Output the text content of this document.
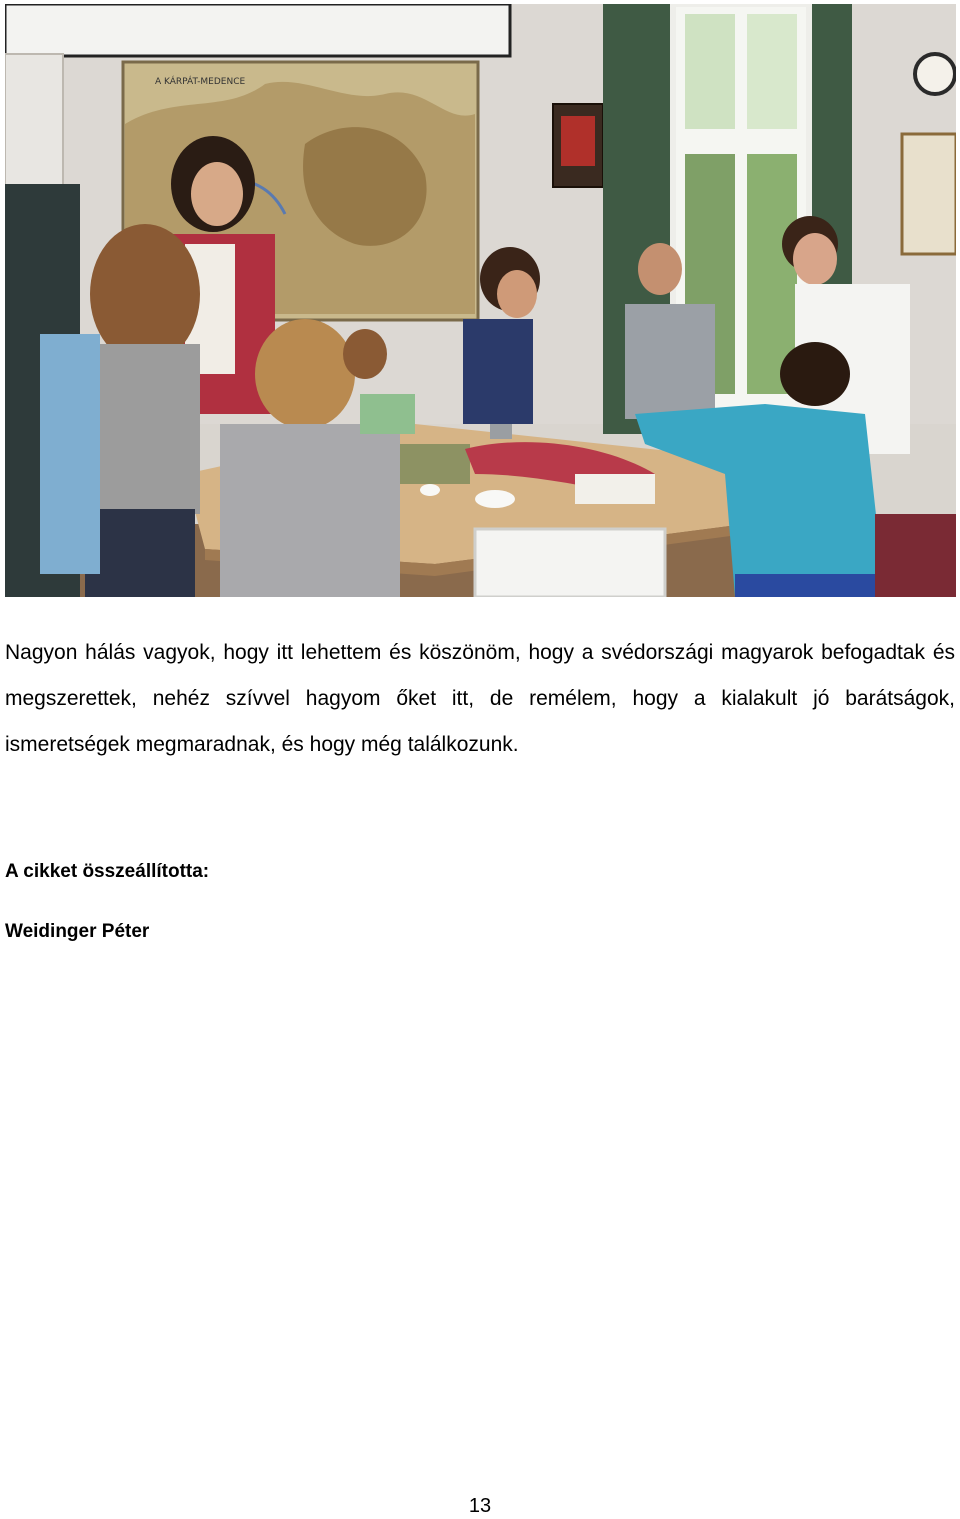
A KÁRPÁT-MEDENCE

Nagyon hálás vagyok, hogy itt lehettem és köszönöm, hogy a svédországi magyarok befogadtak és megszerettek, nehéz szívvel hagyom őket itt, de remélem, hogy a kialakult jó barátságok, ismeretségek megmaradnak, és hogy még találkozunk.

A cikket összeállította:

Weidinger Péter

13
